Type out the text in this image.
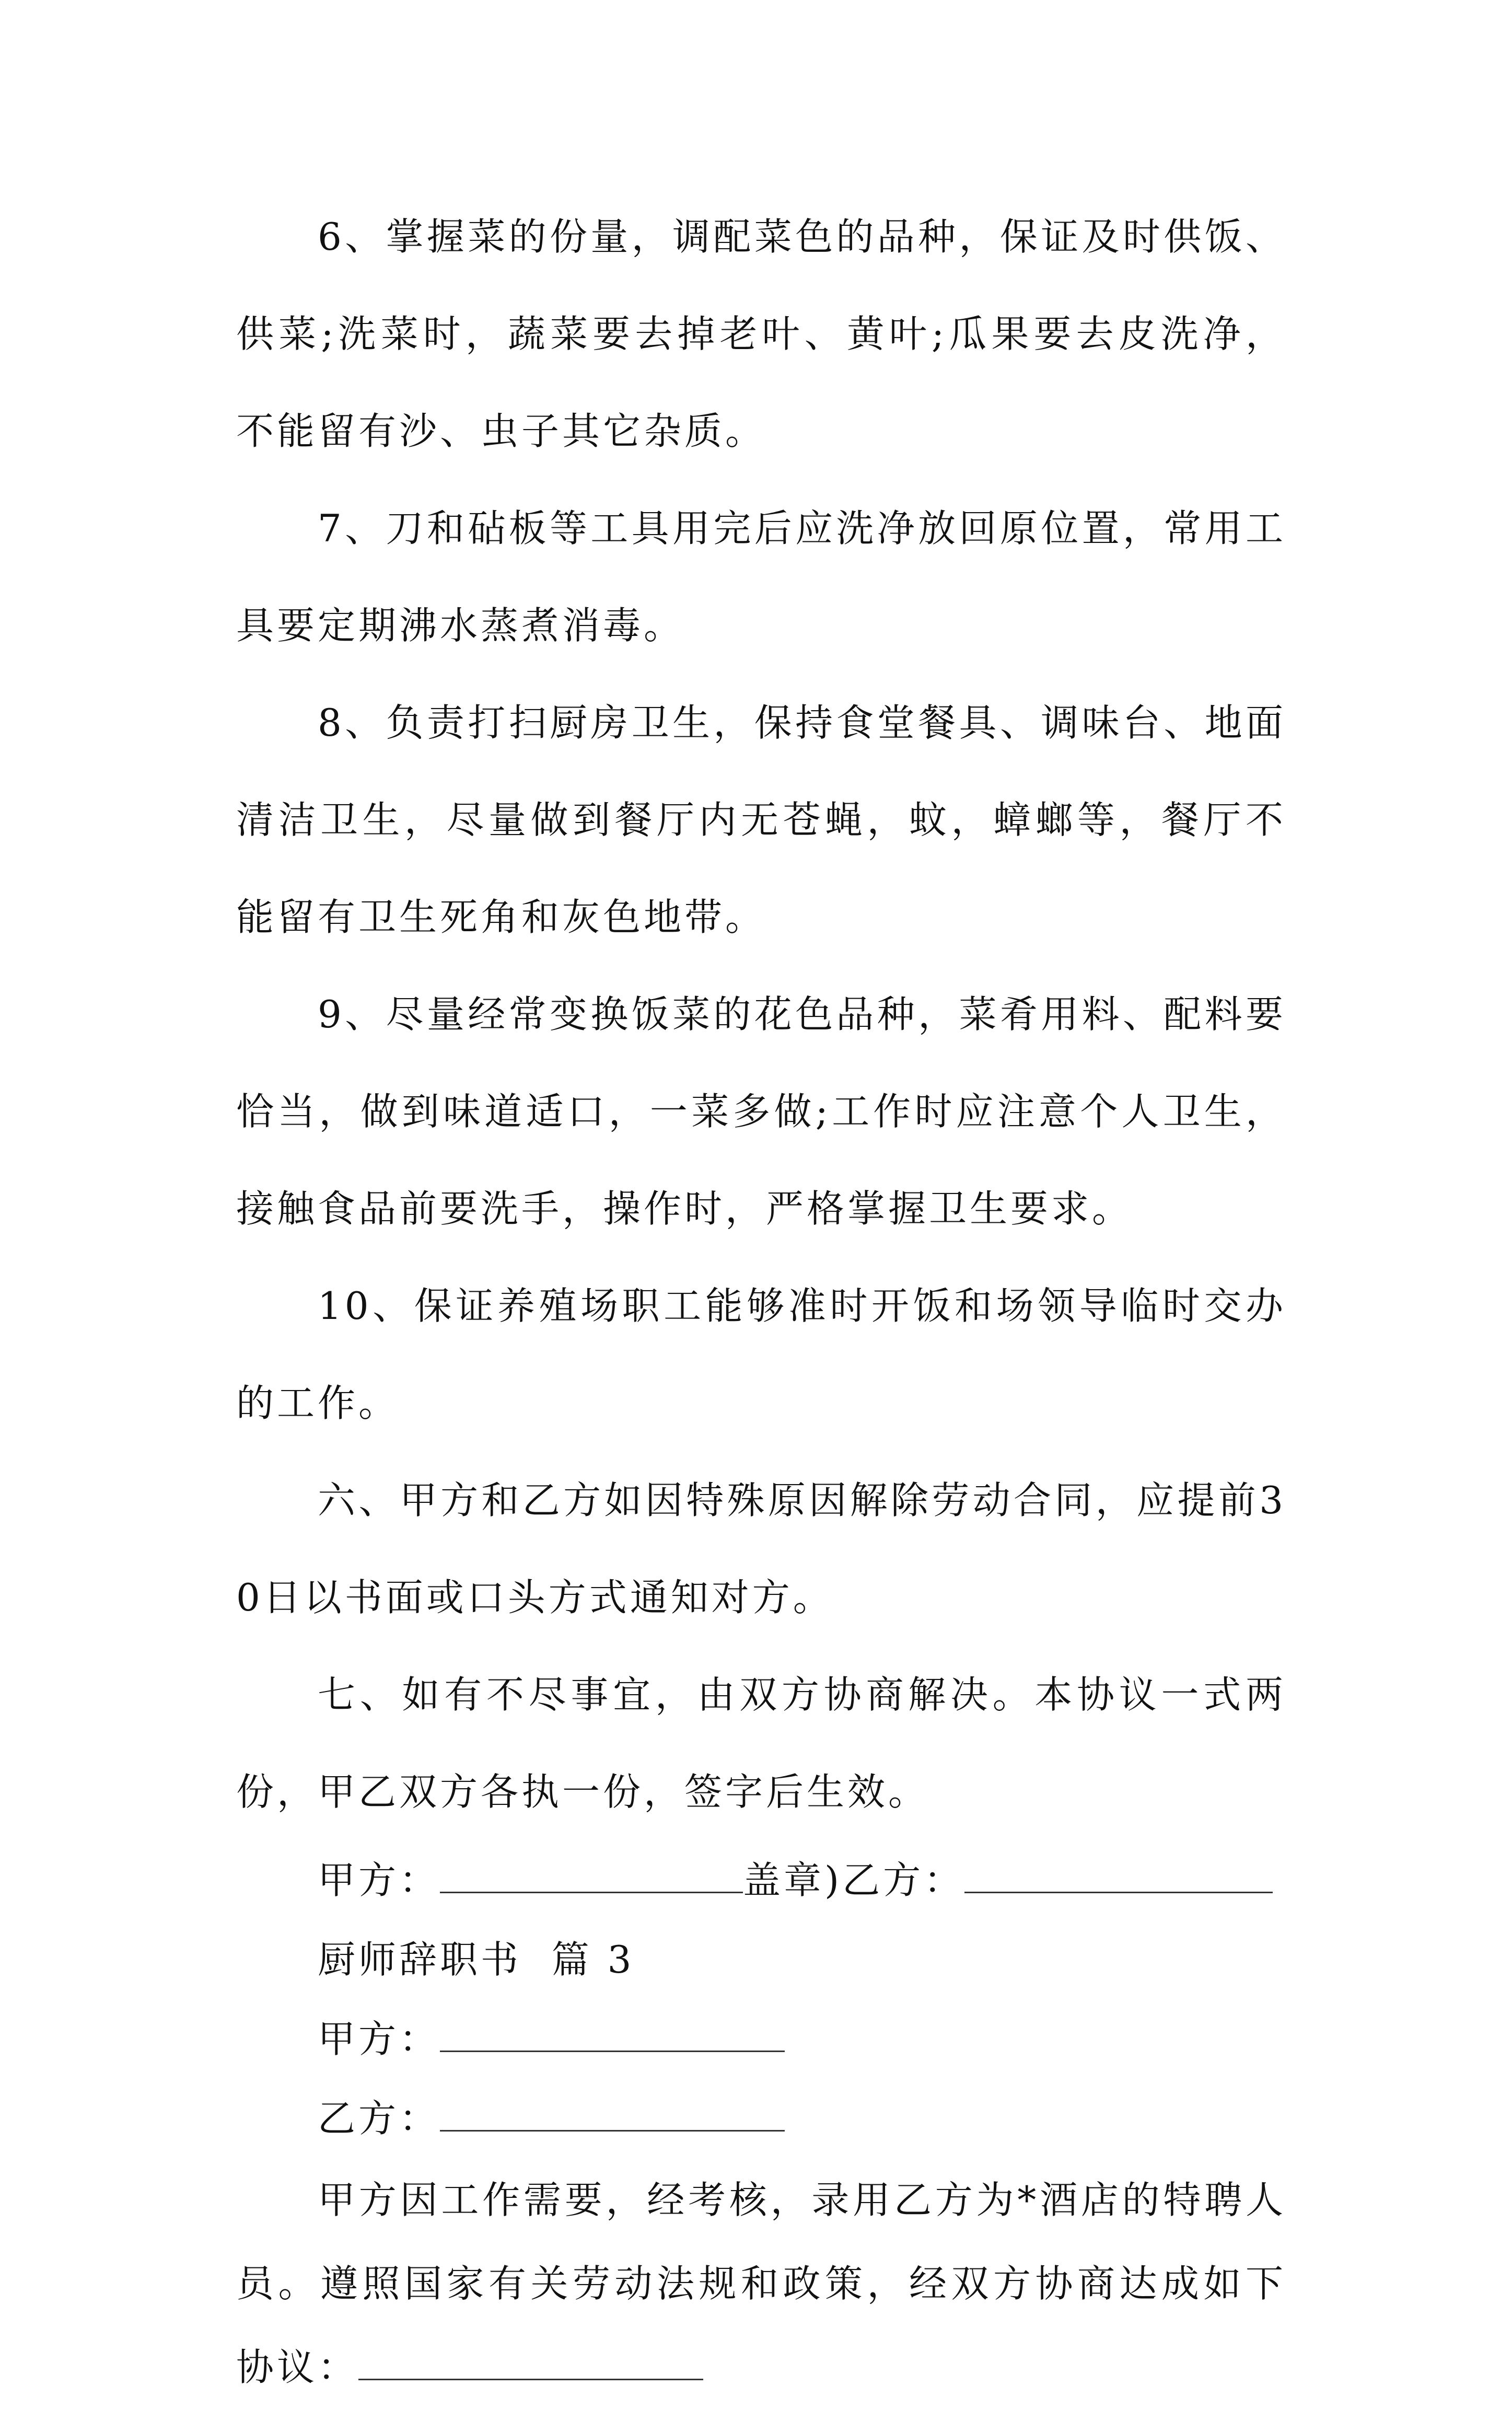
6、掌握菜的份量，调配菜色的品种，保证及时供饭、供菜;洗菜时，蔬菜要去掉老叶、黄叶;瓜果要去皮洗净，不能留有沙、虫子其它杂质。

7、刀和砧板等工具用完后应洗净放回原位置，常用工具要定期沸水蒸煮消毒。

8、负责打扫厨房卫生，保持食堂餐具、调味台、地面清洁卫生，尽量做到餐厅内无苍蝇，蚊，蟑螂等，餐厅不能留有卫生死角和灰色地带。

9、尽量经常变换饭菜的花色品种，菜肴用料、配料要恰当，做到味道适口，一菜多做;工作时应注意个人卫生，接触食品前要洗手，操作时，严格掌握卫生要求。

10、保证养殖场职工能够准时开饭和场领导临时交办的工作。

六、甲方和乙方如因特殊原因解除劳动合同，应提前30日以书面或口头方式通知对方。

七、如有不尽事宜，由双方协商解决。本协议一式两份，甲乙双方各执一份，签字后生效。

甲方：	盖章)乙方：
厨师辞职书  篇 3
甲方：
乙方：

甲方因工作需要，经考核，录用乙方为*酒店的特聘人员。遵照国家有关劳动法规和政策，经双方协商达成如下协议：
